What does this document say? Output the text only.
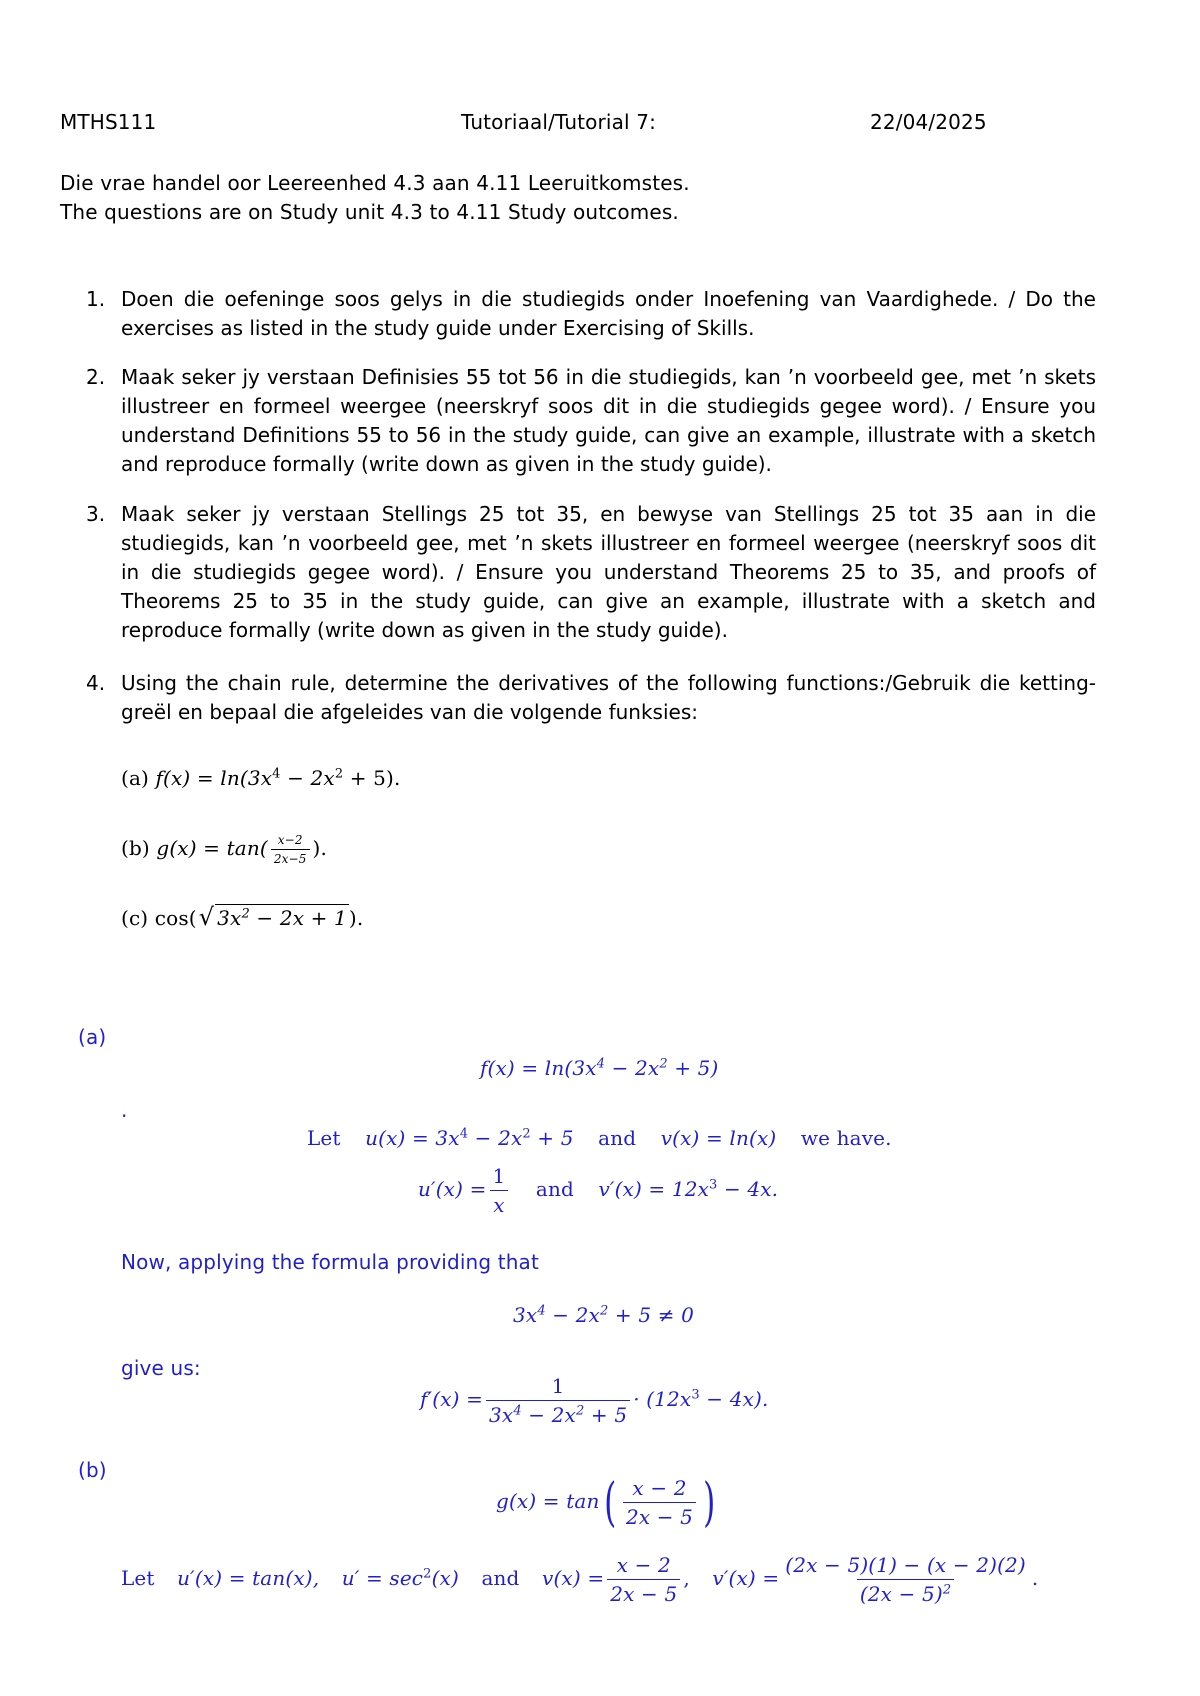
MTHS111	Tutoriaal/Tutorial 7:	22/04/2025
Die vrae handel oor Leereenhed 4.3 aan 4.11 Leeruitkomstes.
The questions are on Study unit 4.3 to 4.11 Study outcomes.
1. Doen die oefeninge soos gelys in die studiegids onder Inoefening van Vaardighede. / Do the exercises as listed in the study guide under Exercising of Skills.
2. Maak seker jy verstaan Definisies 55 tot 56 in die studiegids, kan ’n voorbeeld gee, met ’n skets illustreer en formeel weergee (neerskryf soos dit in die studiegids gegee word). / Ensure you understand Definitions 55 to 56 in the study guide, can give an example, illustrate with a sketch and reproduce formally (write down as given in the study guide).
3. Maak seker jy verstaan Stellings 25 tot 35, en bewyse van Stellings 25 tot 35 aan in die studiegids, kan ’n voorbeeld gee, met ’n skets illustreer en formeel weergee (neerskryf soos dit in die studiegids gegee word). / Ensure you understand Theorems 25 to 35, and proofs of Theorems 25 to 35 in the study guide, can give an example, illustrate with a sketch and reproduce formally (write down as given in the study guide).
4. Using the chain rule, determine the derivatives of the following functions:/Gebruik die ketting-greël en bepaal die afgeleides van die volgende funksies:
(a) $f(x) = \ln(3x^4 - 2x^2 + 5)$.
(b) $g(x) = \tan( \frac{x-2}{2x-5}$ ).
(c) cos(√ $3x^2 - 2x + 1$ ).
(a)
$f(x) = \ln(3x^4 - 2x^2 + 5)$
.
Let $u(x) = 3x^4 - 2x^2 + 5$ and v(x) = ln(x) we have.
$u'(x) = \frac{1}{x}$ and $v'(x) = 12x^3 - 4x$.
Now, applying the formula providing that
$3x^4 - 2x^2 + 5 \ne 0$
give us:
$f'(x) = \frac{1}{3x^4 - 2x^2 + 5} \cdot (12x^3 - 4x)$.
(b)
$g(x) = \tan( \frac{x - 2}{2x - 5}$ )
Let u′(x) = tan(x), $u' = \sec^2(x)$ and $v(x) = \frac{x - 2}{2x - 5}$ , $v'(x) = \frac{(2x - 5)(1) - (x - 2)(2)}{(2x - 5)^2}$ .
